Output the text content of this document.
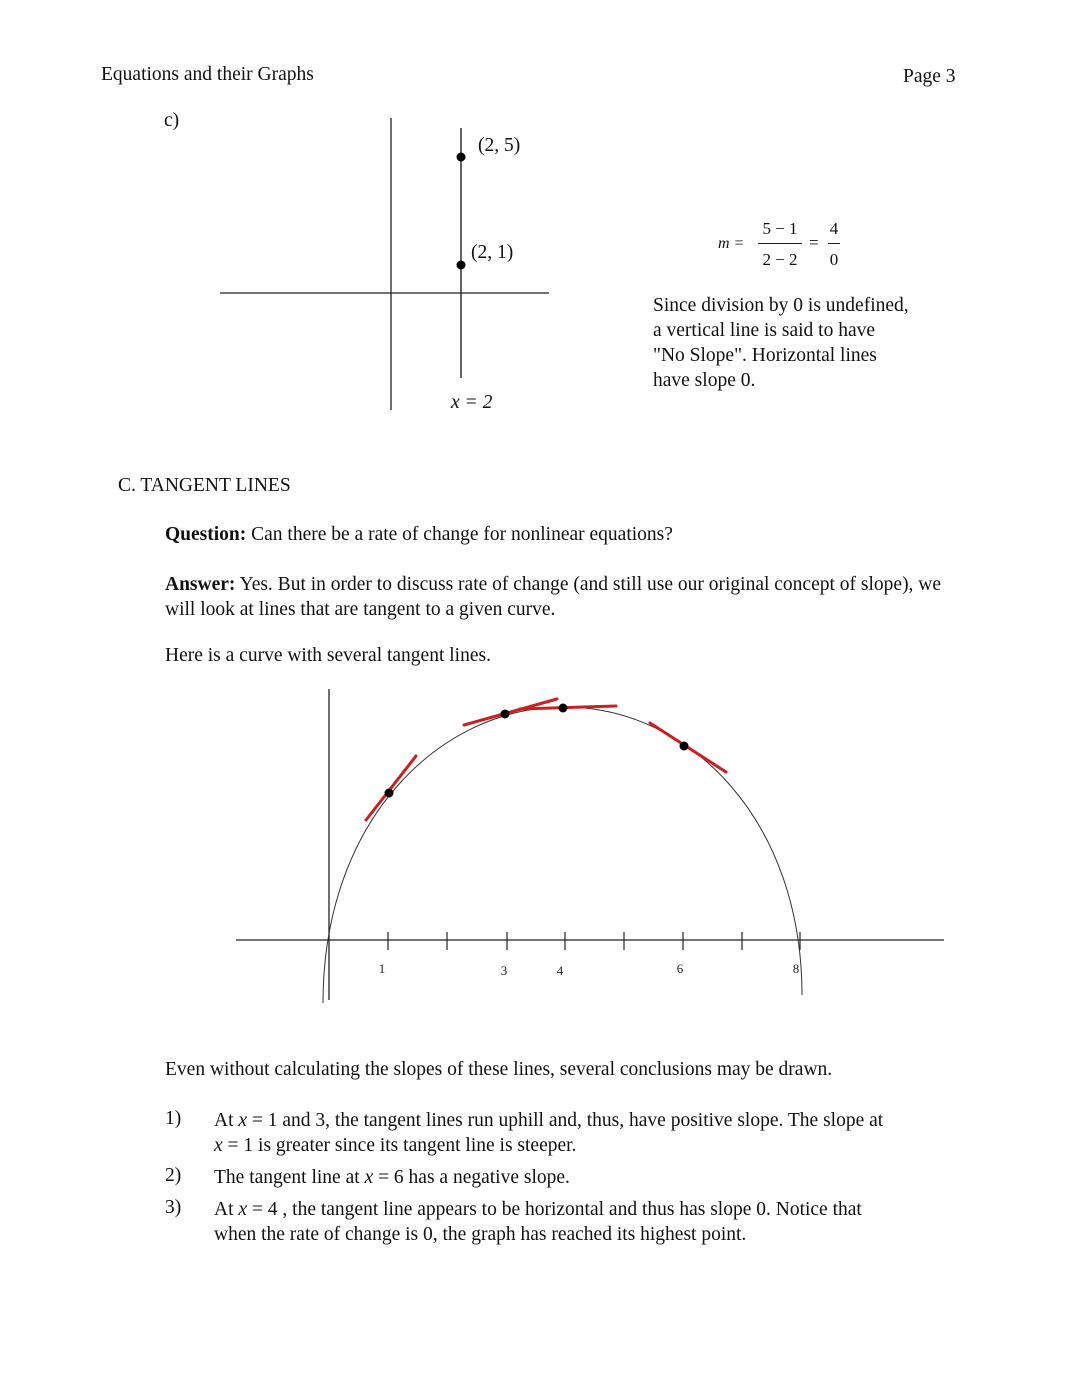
Equations and their Graphs	Page 3
c)
(2, 5)
(2, 1)
x = 2
m =
5 − 1
2 − 2
=
4
0
Since division by 0 is undefined,
a vertical line is said to have
"No Slope". Horizontal lines
have slope 0.
C. TANGENT LINES
Question: Can there be a rate of change for nonlinear equations?
Answer: Yes. But in order to discuss rate of change (and still use our original concept of slope), we will look at lines that are tangent to a given curve.
Here is a curve with several tangent lines.
1	3	4	6	8
Even without calculating the slopes of these lines, several conclusions may be drawn.
1) At x = 1 and 3, the tangent lines run uphill and, thus, have positive slope. The slope at
x = 1 is greater since its tangent line is steeper.
2) The tangent line at x = 6 has a negative slope.
3) At x = 4 , the tangent line appears to be horizontal and thus has slope 0. Notice that
when the rate of change is 0, the graph has reached its highest point.
